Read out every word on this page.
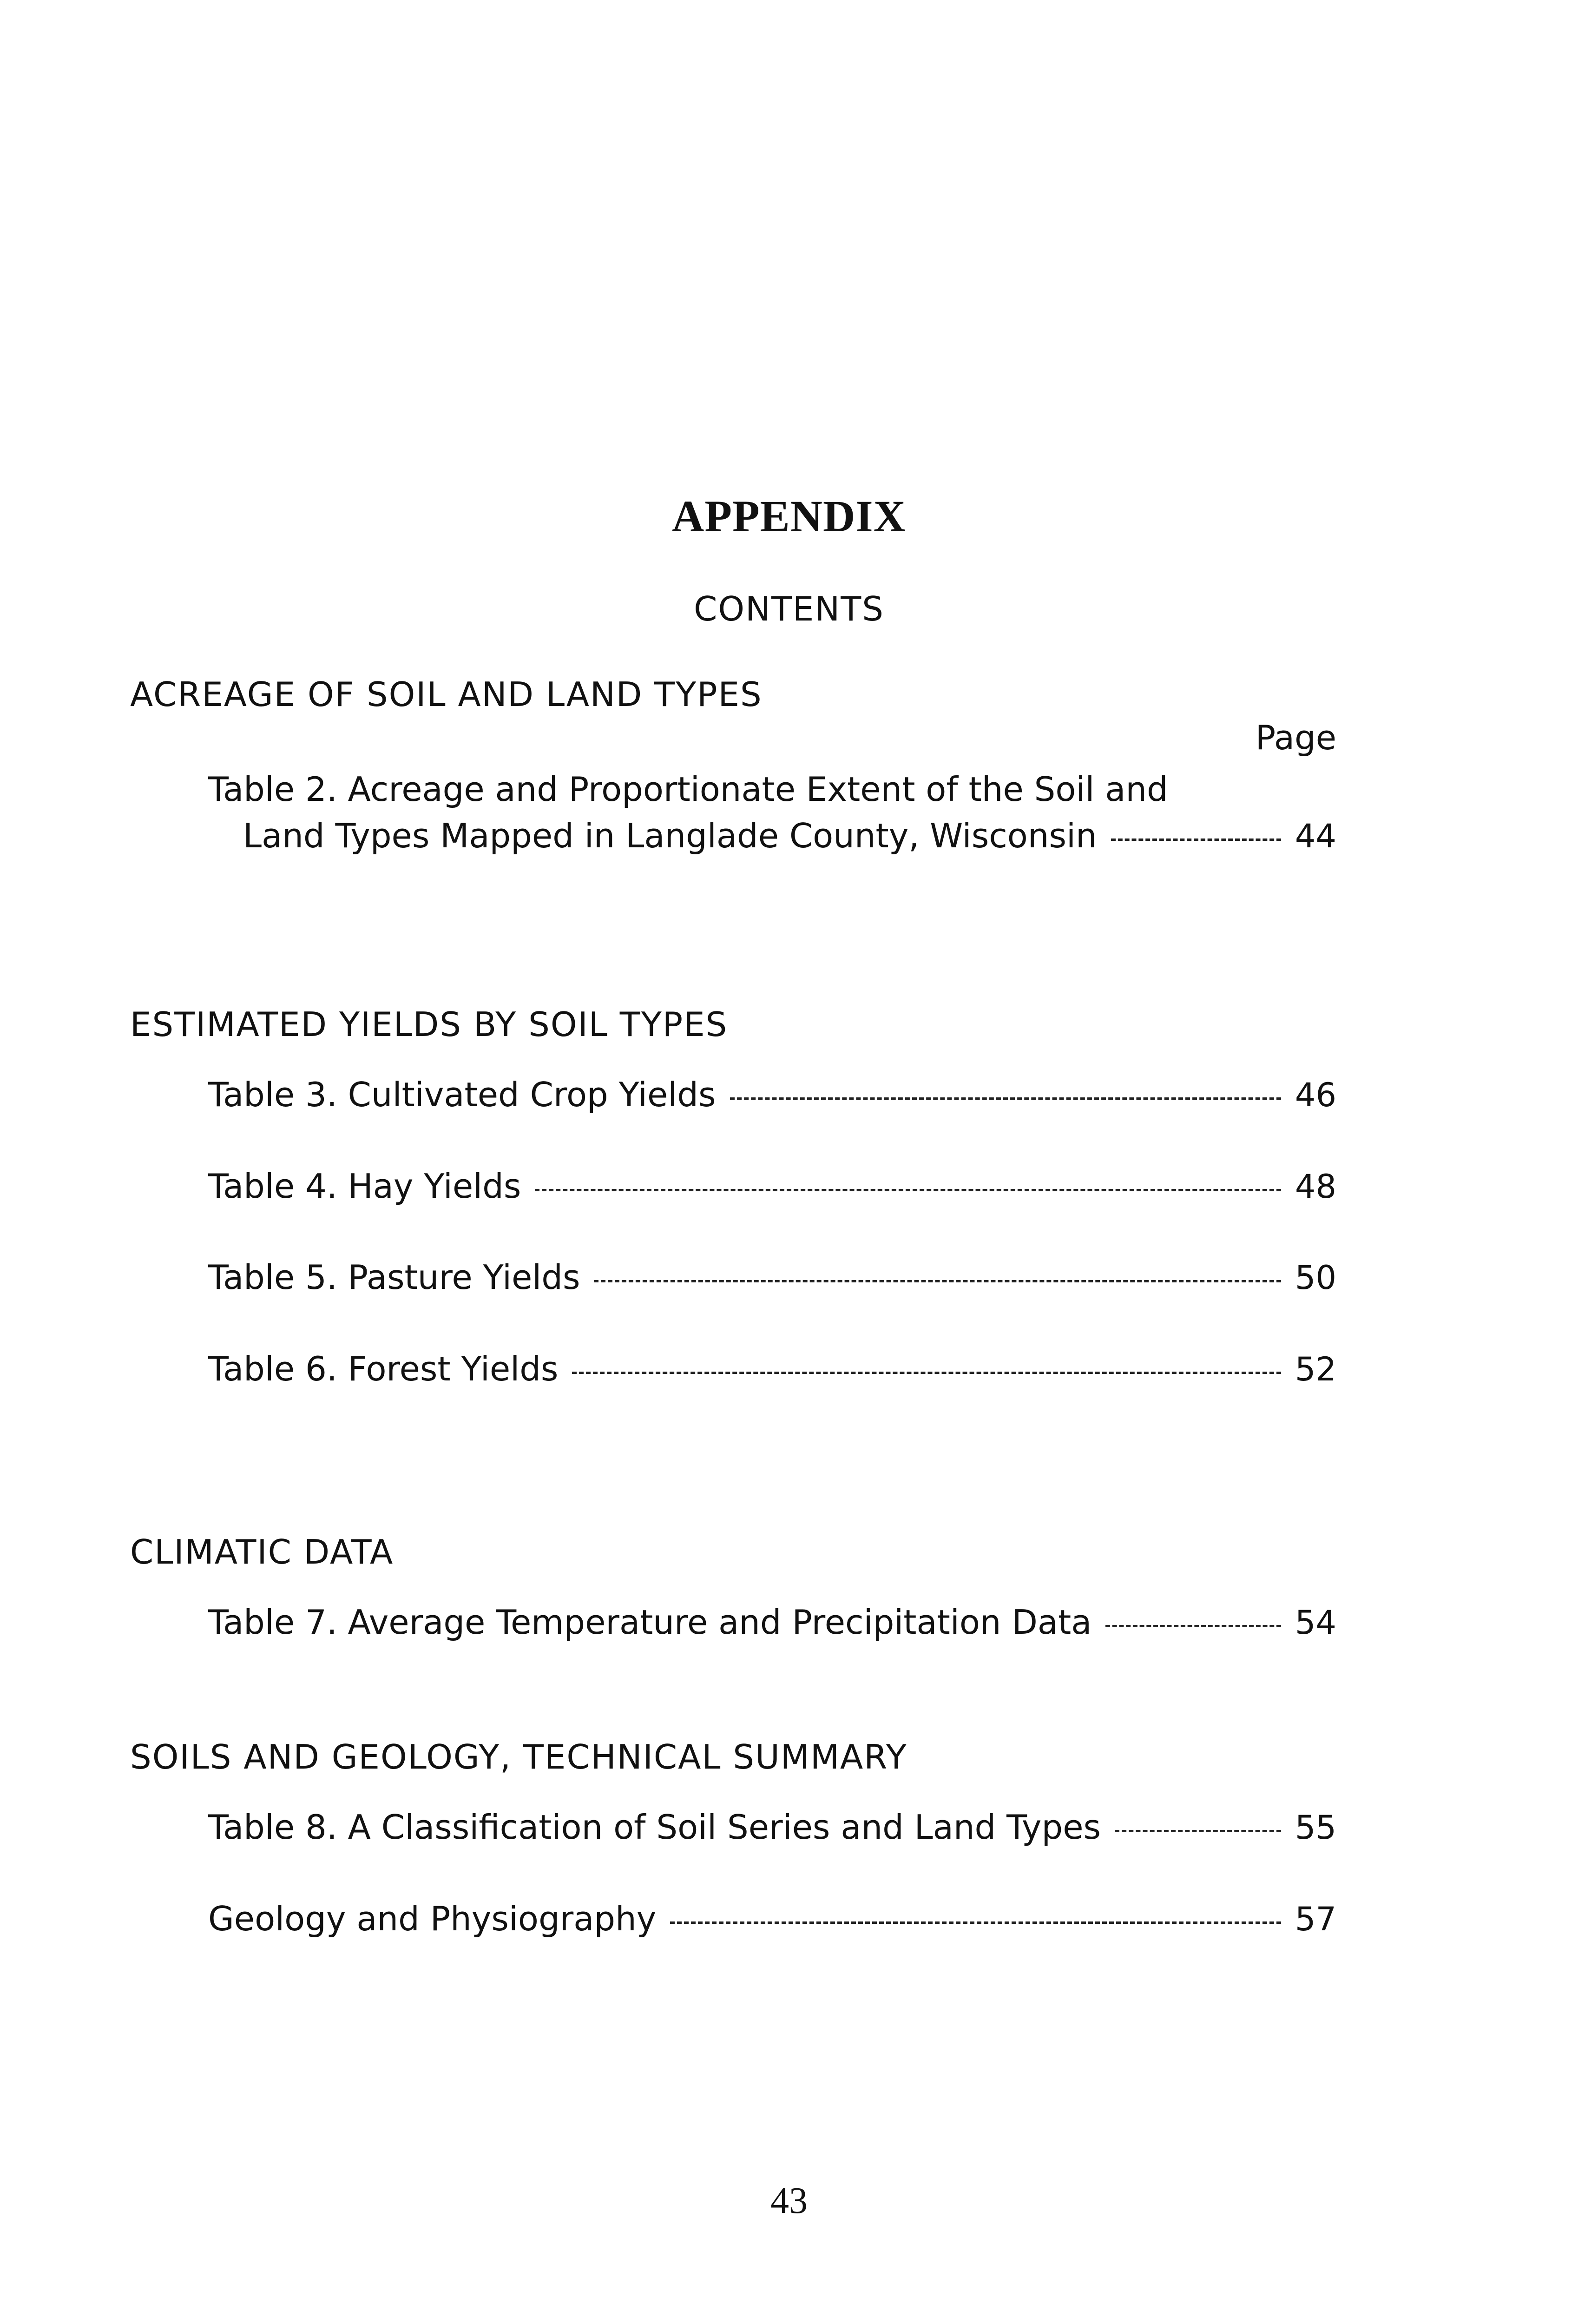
APPENDIX
CONTENTS
ACREAGE OF SOIL AND LAND TYPES
Page
Table 2. Acreage and Proportionate Extent of the Soil and
Land Types Mapped in Langlade County, Wisconsin	44
ESTIMATED YIELDS BY SOIL TYPES
Table 3. Cultivated Crop Yields	46
Table 4. Hay Yields	48
Table 5. Pasture Yields	50
Table 6. Forest Yields	52
CLIMATIC DATA
Table 7. Average Temperature and Precipitation Data	54
SOILS AND GEOLOGY, TECHNICAL SUMMARY
Table 8. A Classification of Soil Series and Land Types	55
Geology and Physiography	57
43
